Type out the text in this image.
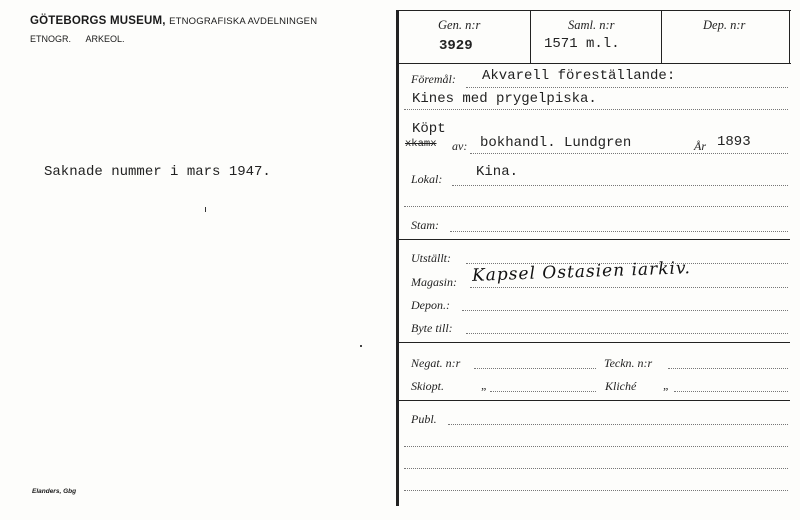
GÖTEBORGS MUSEUM, ETNOGRAFISKA AVDELNINGEN
ETNOGR. ARKEOL.
Saknade nummer i mars 1947.
Elanders, Gbg
Gen. n:r
3929
Saml. n:r
1571 m.l.
Dep. n:r
Föremål: Akvarell föreställande:
Kines med prygelpiska.
Köpt
xkamx av: bokhandl. Lundgren	År 1893
Lokal: Kina.
Stam:
Utställt:
Magasin: Kapsel Ostasien iarkiv.
Depon.:
Byte till:
Negat. n:r	Teckn. n:r
Skiopt.	„	Kliché „
Publ.
